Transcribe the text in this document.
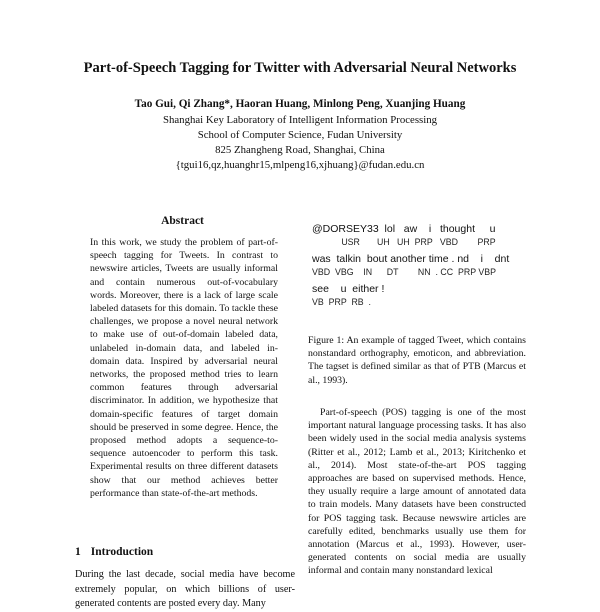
Part-of-Speech Tagging for Twitter with Adversarial Neural Networks
Tao Gui, Qi Zhang*, Haoran Huang, Minlong Peng, Xuanjing Huang
Shanghai Key Laboratory of Intelligent Information Processing
School of Computer Science, Fudan University
825 Zhangheng Road, Shanghai, China
{tgui16,qz,huanghr15,mlpeng16,xjhuang}@fudan.edu.cn
Abstract
In this work, we study the problem of part-of-speech tagging for Tweets. In contrast to newswire articles, Tweets are usually informal and contain numerous out-of-vocabulary words. Moreover, there is a lack of large scale labeled datasets for this domain. To tackle these challenges, we propose a novel neural network to make use of out-of-domain labeled data, unlabeled in-domain data, and labeled in-domain data. Inspired by adversarial neural networks, the proposed method tries to learn common features through adversarial discriminator. In addition, we hypothesize that domain-specific features of target domain should be preserved in some degree. Hence, the proposed method adopts a sequence-to-sequence autoencoder to perform this task. Experimental results on three different datasets show that our method achieves better performance than state-of-the-art methods.
1 Introduction
During the last decade, social media have become extremely popular, on which billions of user-generated contents are posted every day. Many
@DORSEY33  lol   aw    i   thought     u
USR       UH   UH  PRP   VBD        PRP
was  talkin  bout another time . nd    i    dnt
VBD  VBG    IN      DT        NN  . CC  PRP VBP
see    u  either !
VB  PRP  RB  .
Figure 1: An example of tagged Tweet, which contains nonstandard orthography, emoticon, and abbreviation. The tagset is defined similar as that of PTB (Marcus et al., 1993).
Part-of-speech (POS) tagging is one of the most important natural language processing tasks. It has also been widely used in the social media analysis systems (Ritter et al., 2012; Lamb et al., 2013; Kiritchenko et al., 2014). Most state-of-the-art POS tagging approaches are based on supervised methods. Hence, they usually require a large amount of annotated data to train models. Many datasets have been constructed for POS tagging task. Because newswire articles are carefully edited, benchmarks usually use them for annotation (Marcus et al., 1993). However, user-generated contents on social media are usually informal and contain many nonstandard lexical
